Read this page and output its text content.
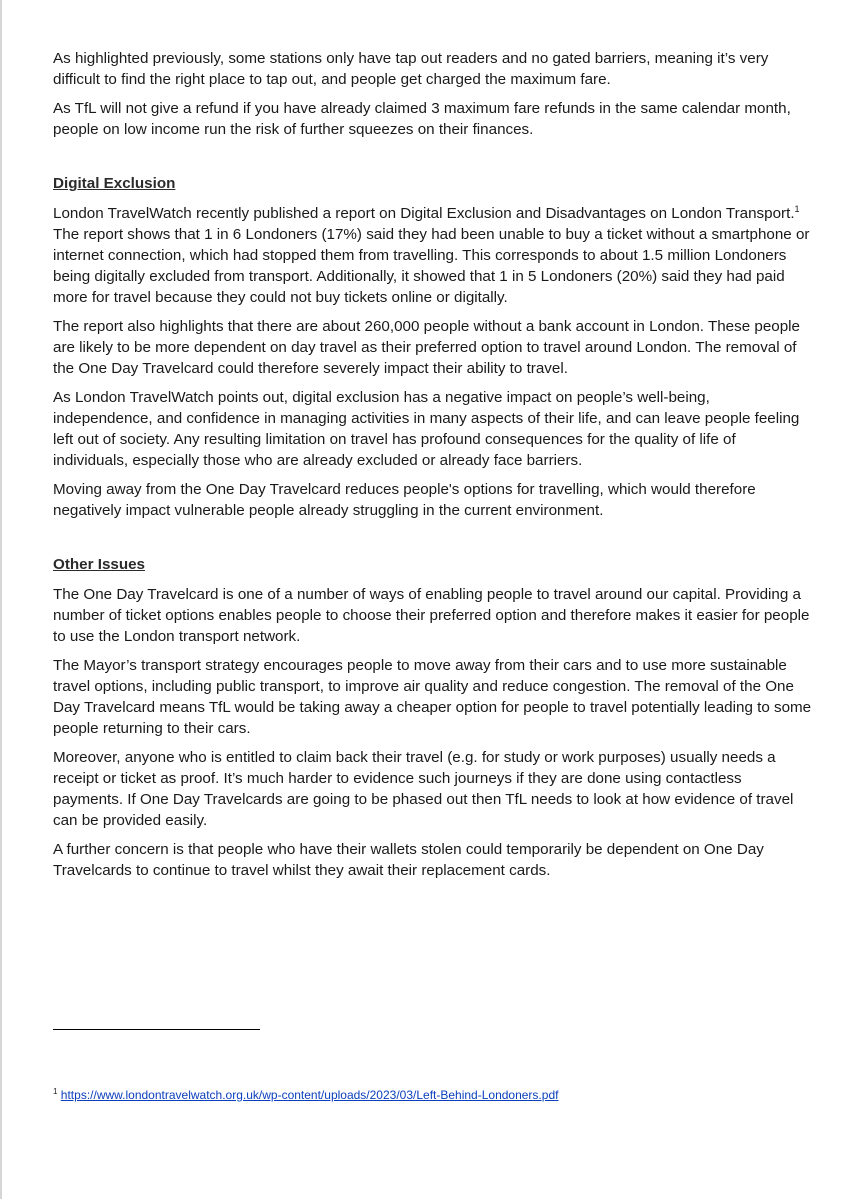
As highlighted previously, some stations only have tap out readers and no gated barriers, meaning it’s very difficult to find the right place to tap out, and people get charged the maximum fare.

As TfL will not give a refund if you have already claimed 3 maximum fare refunds in the same calendar month, people on low income run the risk of further squeezes on their finances.

Digital Exclusion

London TravelWatch recently published a report on Digital Exclusion and Disadvantages on London Transport.$^1$ The report shows that 1 in 6 Londoners (17%) said they had been unable to buy a ticket without a smartphone or internet connection, which had stopped them from travelling. This corresponds to about 1.5 million Londoners being digitally excluded from transport. Additionally, it showed that 1 in 5 Londoners (20%) said they had paid more for travel because they could not buy tickets online or digitally.

The report also highlights that there are about 260,000 people without a bank account in London. These people are likely to be more dependent on day travel as their preferred option to travel around London. The removal of the One Day Travelcard could therefore severely impact their ability to travel.

As London TravelWatch points out, digital exclusion has a negative impact on people’s well-being, independence, and confidence in managing activities in many aspects of their life, and can leave people feeling left out of society. Any resulting limitation on travel has profound consequences for the quality of life of individuals, especially those who are already excluded or already face barriers.

Moving away from the One Day Travelcard reduces people's options for travelling, which would therefore negatively impact vulnerable people already struggling in the current environment.

Other Issues

The One Day Travelcard is one of a number of ways of enabling people to travel around our capital. Providing a number of ticket options enables people to choose their preferred option and therefore makes it easier for people to use the London transport network.

The Mayor’s transport strategy encourages people to move away from their cars and to use more sustainable travel options, including public transport, to improve air quality and reduce congestion. The removal of the One Day Travelcard means TfL would be taking away a cheaper option for people to travel potentially leading to some people returning to their cars.

Moreover, anyone who is entitled to claim back their travel (e.g. for study or work purposes) usually needs a receipt or ticket as proof. It’s much harder to evidence such journeys if they are done using contactless payments. If One Day Travelcards are going to be phased out then TfL needs to look at how evidence of travel can be provided easily.

A further concern is that people who have their wallets stolen could temporarily be dependent on One Day Travelcards to continue to travel whilst they await their replacement cards.

$^1$ https://www.londontravelwatch.org.uk/wp-content/uploads/2023/03/Left-Behind-Londoners.pdf
